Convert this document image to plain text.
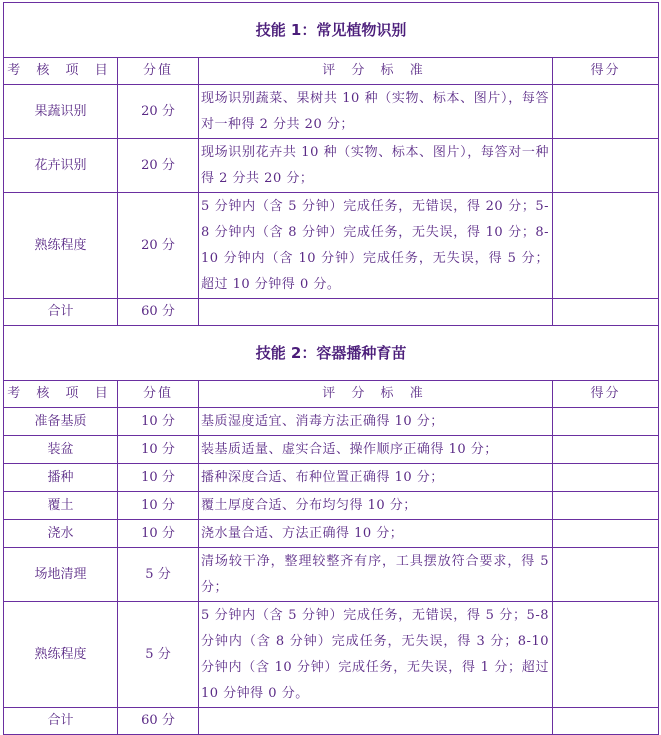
技能 1：常见植物识别			
考 核 项 目	分值	评 分 标 准	得分
果蔬识别	20 分	现场识别蔬菜、果树共 10 种（实物、标本、图片），每答对一种得 2 分共 20 分；	
花卉识别	20 分	现场识别花卉共 10 种（实物、标本、图片），每答对一种得 2 分共 20 分；	
熟练程度	20 分	5 分钟内（含 5 分钟）完成任务，无错误，得 20 分；5-8 分钟内（含 8 分钟）完成任务，无失误，得 10 分；8-10 分钟内（含 10 分钟）完成任务，无失误，得 5 分；超过 10 分钟得 0 分。	
合计	60 分		
技能 2：容器播种育苗			
考 核 项 目	分值	评 分 标 准	得分
准备基质	10 分	基质湿度适宜、消毒方法正确得 10 分；	
装盆	10 分	装基质适量、虚实合适、操作顺序正确得 10 分；	
播种	10 分	播种深度合适、布种位置正确得 10 分；	
覆土	10 分	覆土厚度合适、分布均匀得 10 分；	
浇水	10 分	浇水量合适、方法正确得 10 分；	
场地清理	5 分	清场较干净，整理较整齐有序，工具摆放符合要求，得 5 分；	
熟练程度	5 分	5 分钟内（含 5 分钟）完成任务，无错误，得 5 分；5-8 分钟内（含 8 分钟）完成任务，无失误，得 3 分；8-10 分钟内（含 10 分钟）完成任务，无失误，得 1 分；超过 10 分钟得 0 分。	
合计	60 分		
